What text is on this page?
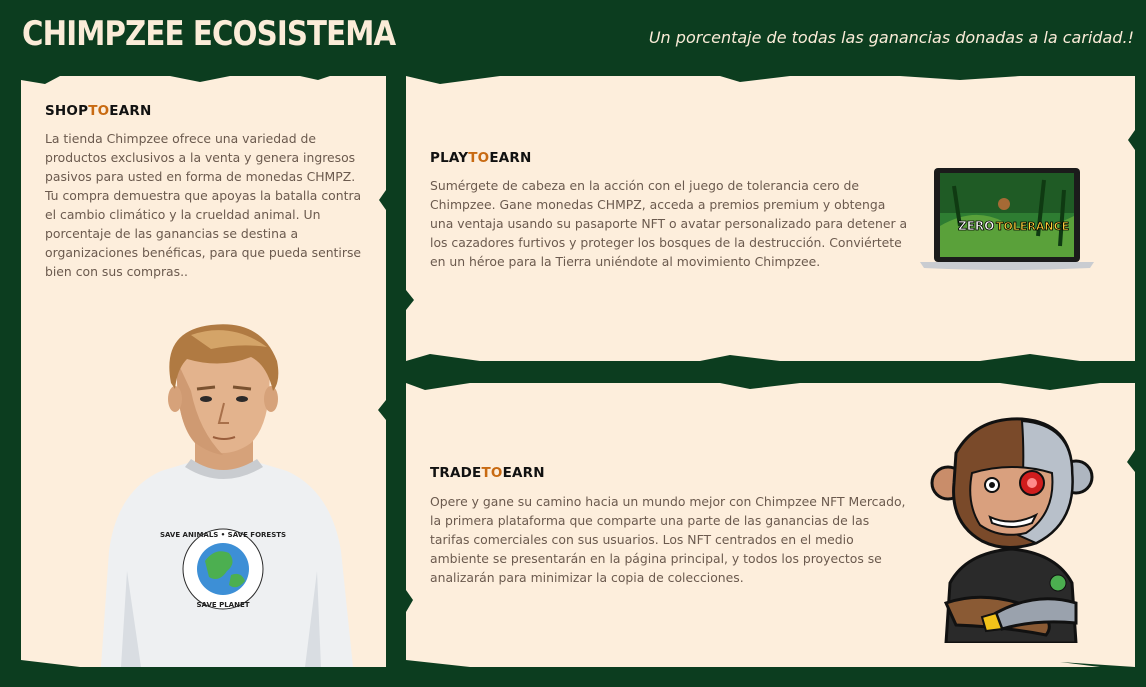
CHIMPZEE ECOSISTEMA	Un porcentaje de todas las ganancias donadas a la caridad.!
SHOPTOEARN

La tienda Chimpzee ofrece una variedad de productos exclusivos a la venta y genera ingresos pasivos para usted en forma de monedas CHMPZ. Tu compra demuestra que apoyas la batalla contra el cambio climático y la crueldad animal. Un porcentaje de las ganancias se destina a organizaciones benéficas, para que pueda sentirse bien con sus compras..

SAVE ANIMALS • SAVE FORESTS
SAVE PLANET
PLAYTOEARN

Sumérgete de cabeza en la acción con el juego de tolerancia cero de Chimpzee. Gane monedas CHMPZ, acceda a premios premium y obtenga una ventaja usando su pasaporte NFT o avatar personalizado para detener a los cazadores furtivos y proteger los bosques de la destrucción. Conviértete en un héroe para la Tierra uniéndote al movimiento Chimpzee.

ZERO TOLERANCE
TRADETOEARN

Opere y gane su camino hacia un mundo mejor con Chimpzee NFT Mercado, la primera plataforma que comparte una parte de las ganancias de las tarifas comerciales con sus usuarios. Los NFT centrados en el medio ambiente se presentarán en la página principal, y todos los proyectos se analizarán para minimizar la copia de colecciones.
